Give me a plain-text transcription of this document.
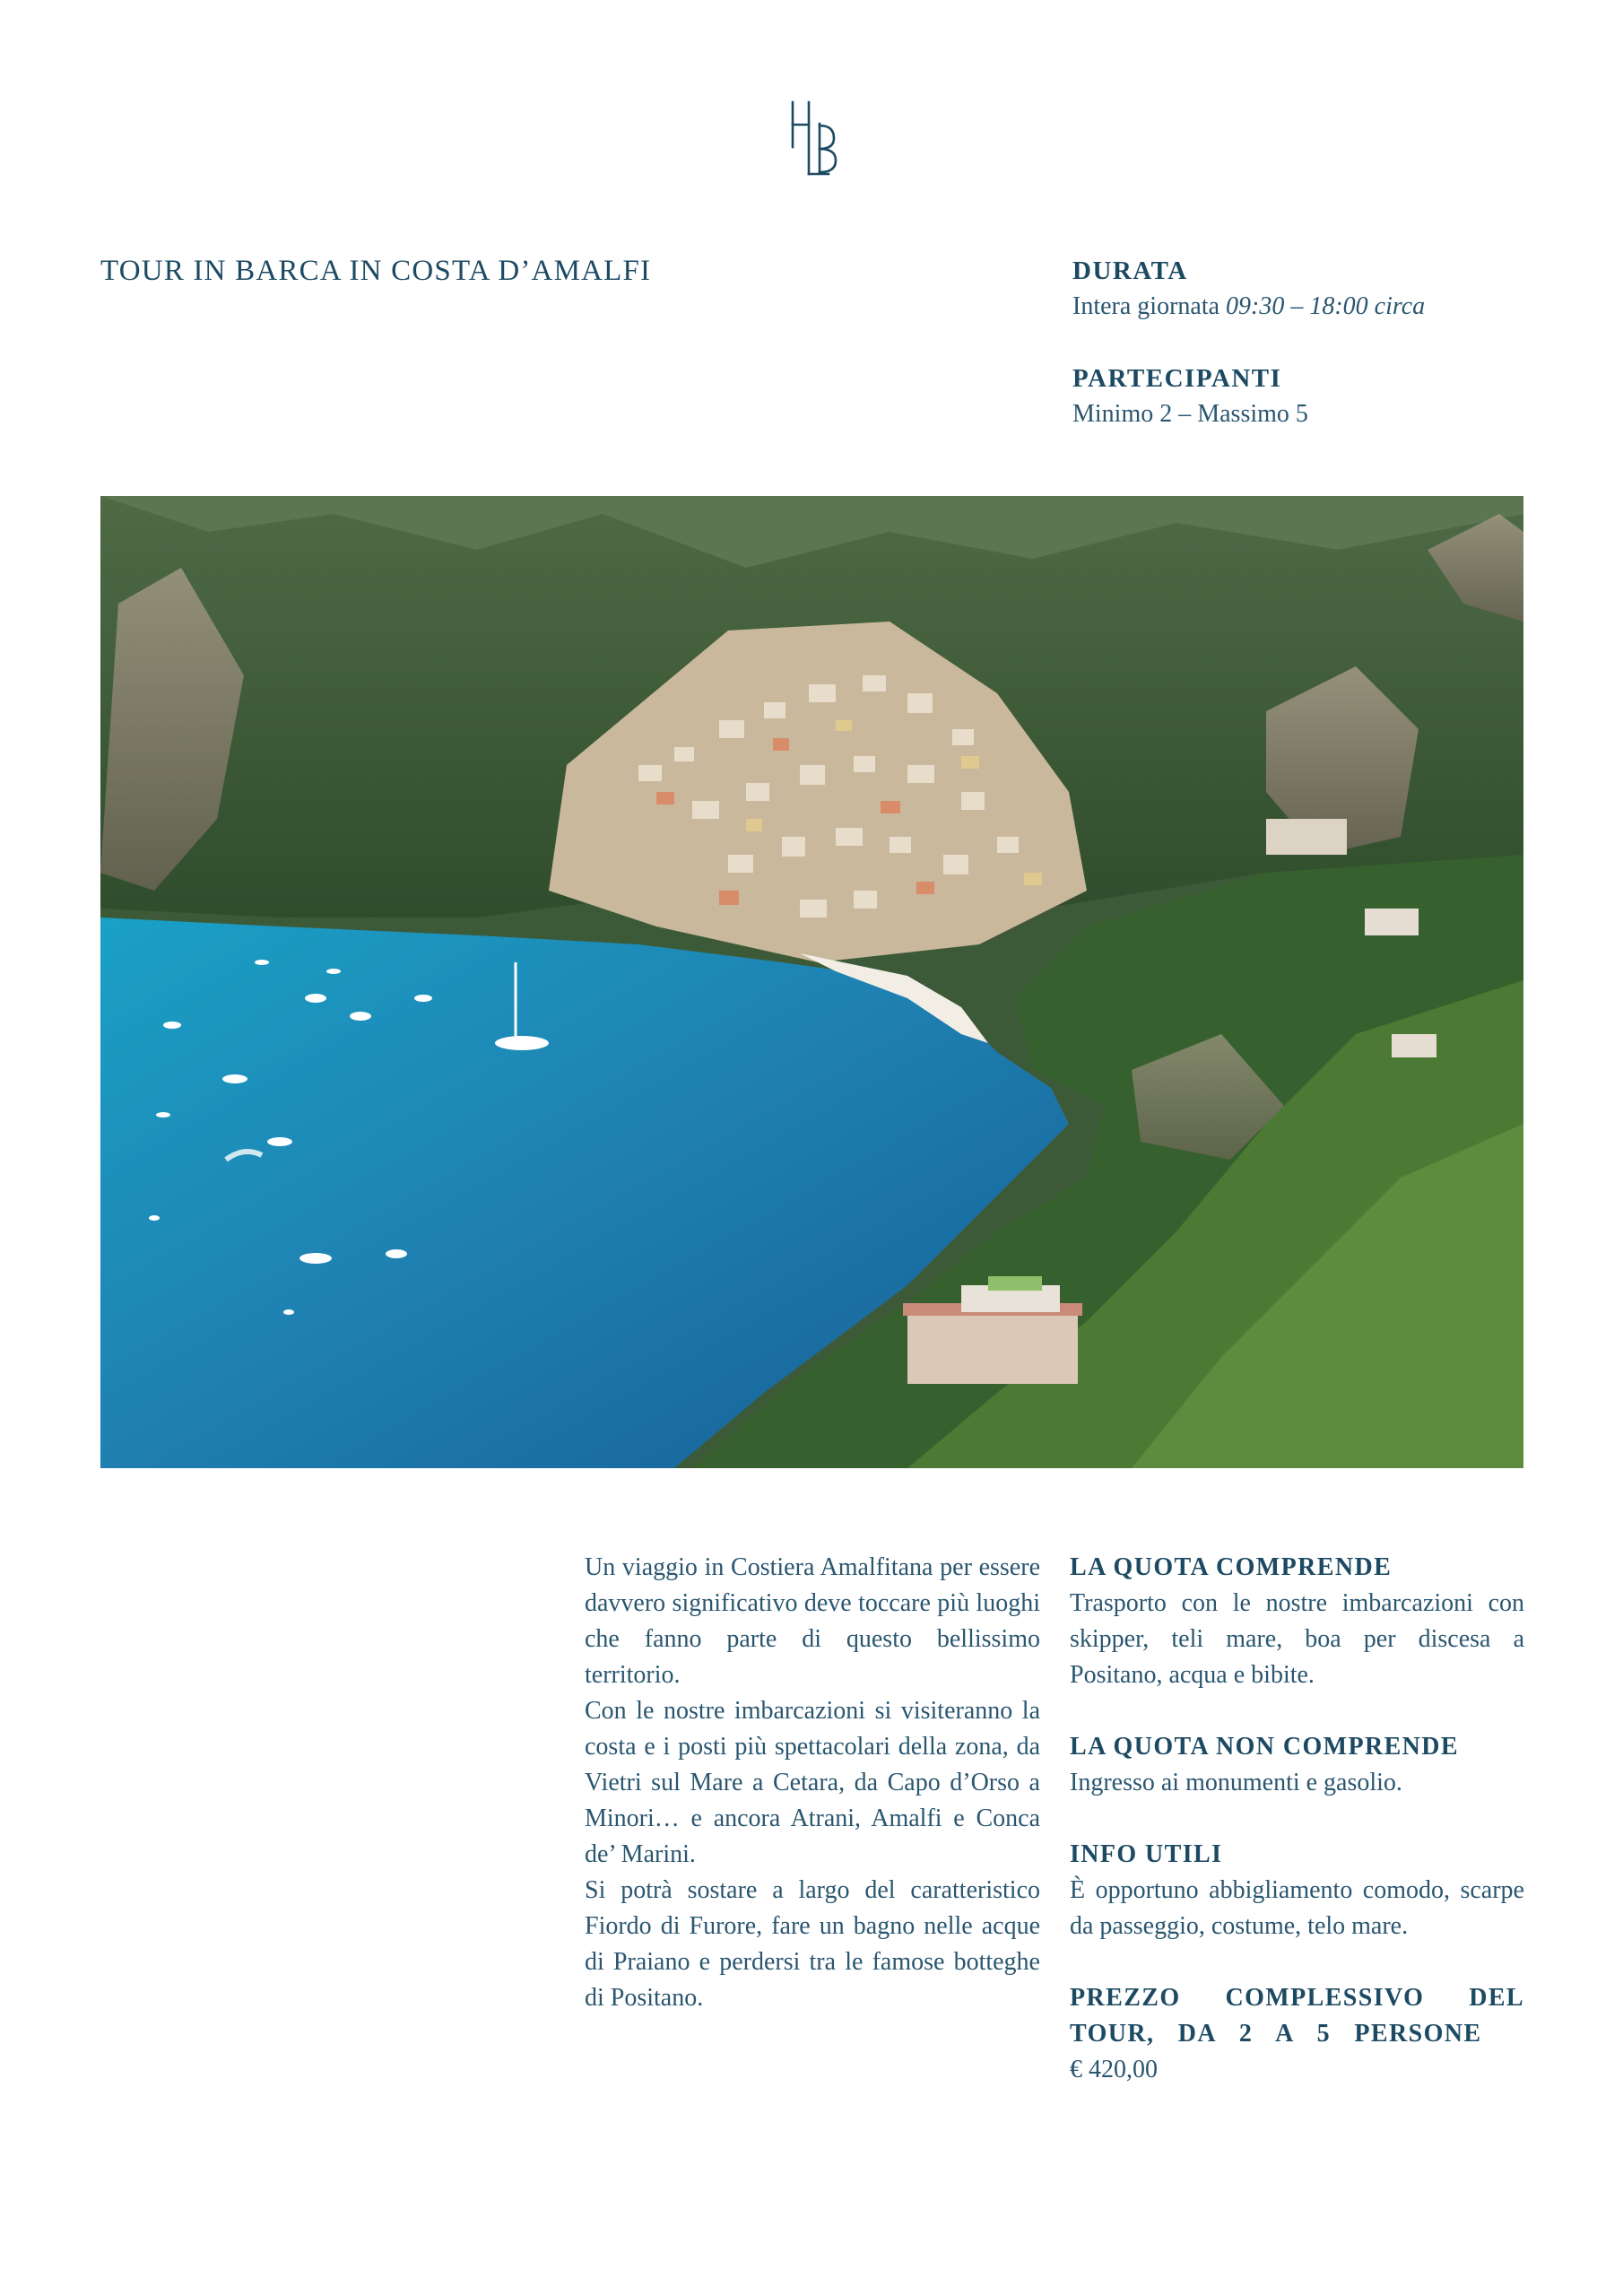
TOUR IN BARCA IN COSTA D’AMALFI	DURATA
Intera giornata 09:30 – 18:00 circa
PARTECIPANTI
Minimo 2 – Massimo 5

Un viaggio in Costiera Amalfitana per essere davvero significativo deve toccare più luoghi che fanno parte di questo bellissimo territorio.

Con le nostre imbarcazioni si visiteranno la costa e i posti più spettacolari della zona, da Vietri sul Mare a Cetara, da Capo d’Orso a Minori… e ancora Atrani, Amalfi e Conca de’ Marini.

Si potrà sostare a largo del caratteristico Fiordo di Furore, fare un bagno nelle acque di Praiano e perdersi tra le famose botteghe di Positano.

LA QUOTA COMPRENDE
Trasporto con le nostre imbarcazioni con skipper, teli mare, boa per discesa a Positano, acqua e bibite.
LA QUOTA NON COMPRENDE
Ingresso ai monumenti e gasolio.
INFO UTILI
È opportuno abbigliamento comodo, scarpe da passeggio, costume, telo mare.
PREZZO COMPLESSIVO DEL TOUR, DA 2 A 5 PERSONE
€ 420,00
